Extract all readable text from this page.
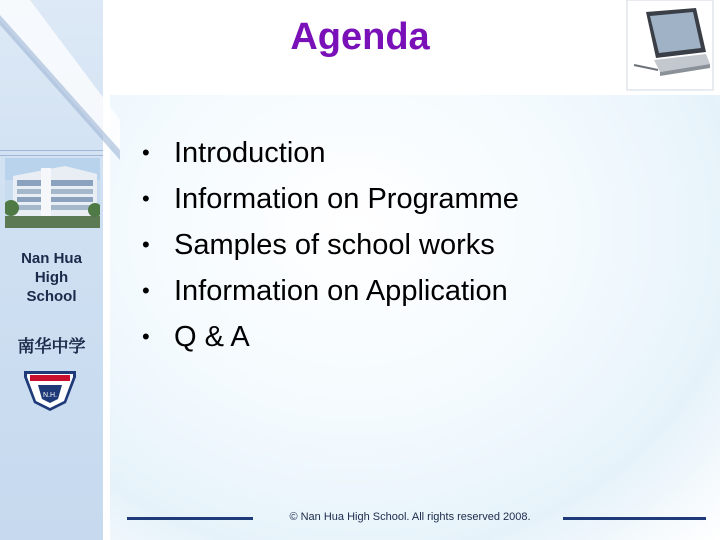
Nan Hua
High
School
南华中学
N.H.
Agenda
• Introduction
• Information on Programme
• Samples of school works
• Information on Application
• Q & A
© Nan Hua High School. All rights reserved 2008.
